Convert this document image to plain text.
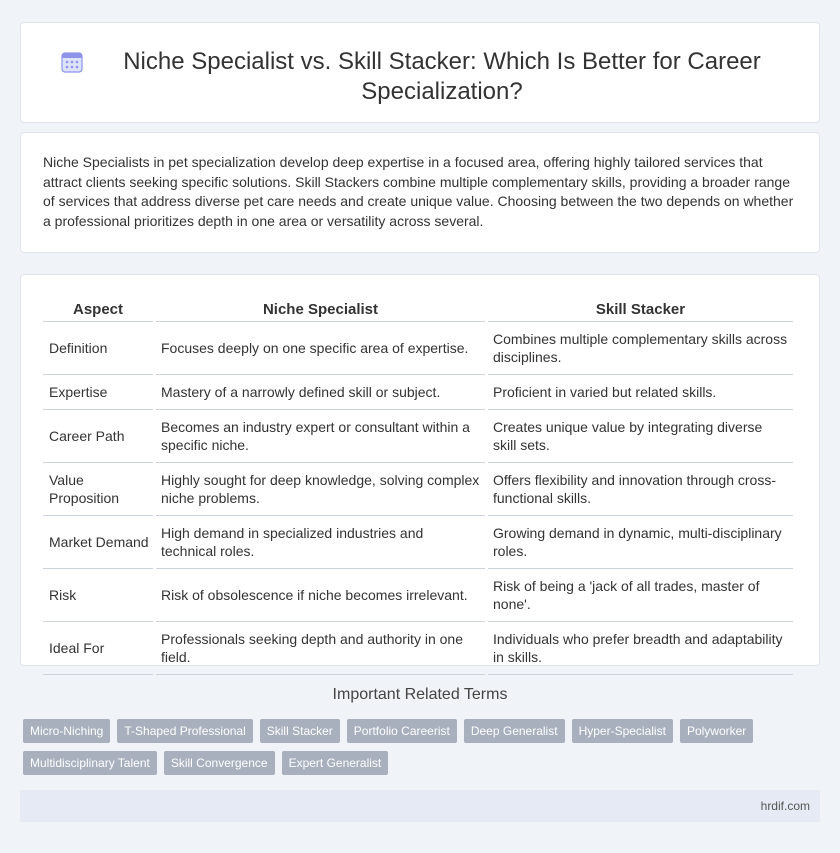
Niche Specialist vs. Skill Stacker: Which Is Better for Career Specialization?

Niche Specialists in pet specialization develop deep expertise in a focused area, offering highly tailored services that attract clients seeking specific solutions. Skill Stackers combine multiple complementary skills, providing a broader range of services that address diverse pet care needs and create unique value. Choosing between the two depends on whether a professional prioritizes depth in one area or versatility across several.

Aspect	Niche Specialist	Skill Stacker
Definition	Focuses deeply on one specific area of expertise.	Combines multiple complementary skills across disciplines.
Expertise	Mastery of a narrowly defined skill or subject.	Proficient in varied but related skills.
Career Path	Becomes an industry expert or consultant within a specific niche.	Creates unique value by integrating diverse skill sets.
Value Proposition	Highly sought for deep knowledge, solving complex niche problems.	Offers flexibility and innovation through cross-functional skills.
Market Demand	High demand in specialized industries and technical roles.	Growing demand in dynamic, multi-disciplinary roles.
Risk	Risk of obsolescence if niche becomes irrelevant.	Risk of being a 'jack of all trades, master of none'.
Ideal For	Professionals seeking depth and authority in one field.	Individuals who prefer breadth and adaptability in skills.
Important Related Terms
Micro-Niching	T-Shaped Professional	Skill Stacker	Portfolio Careerist	Deep Generalist	Hyper-Specialist	Polyworker
Multidisciplinary Talent	Skill Convergence	Expert Generalist
hrdif.com
